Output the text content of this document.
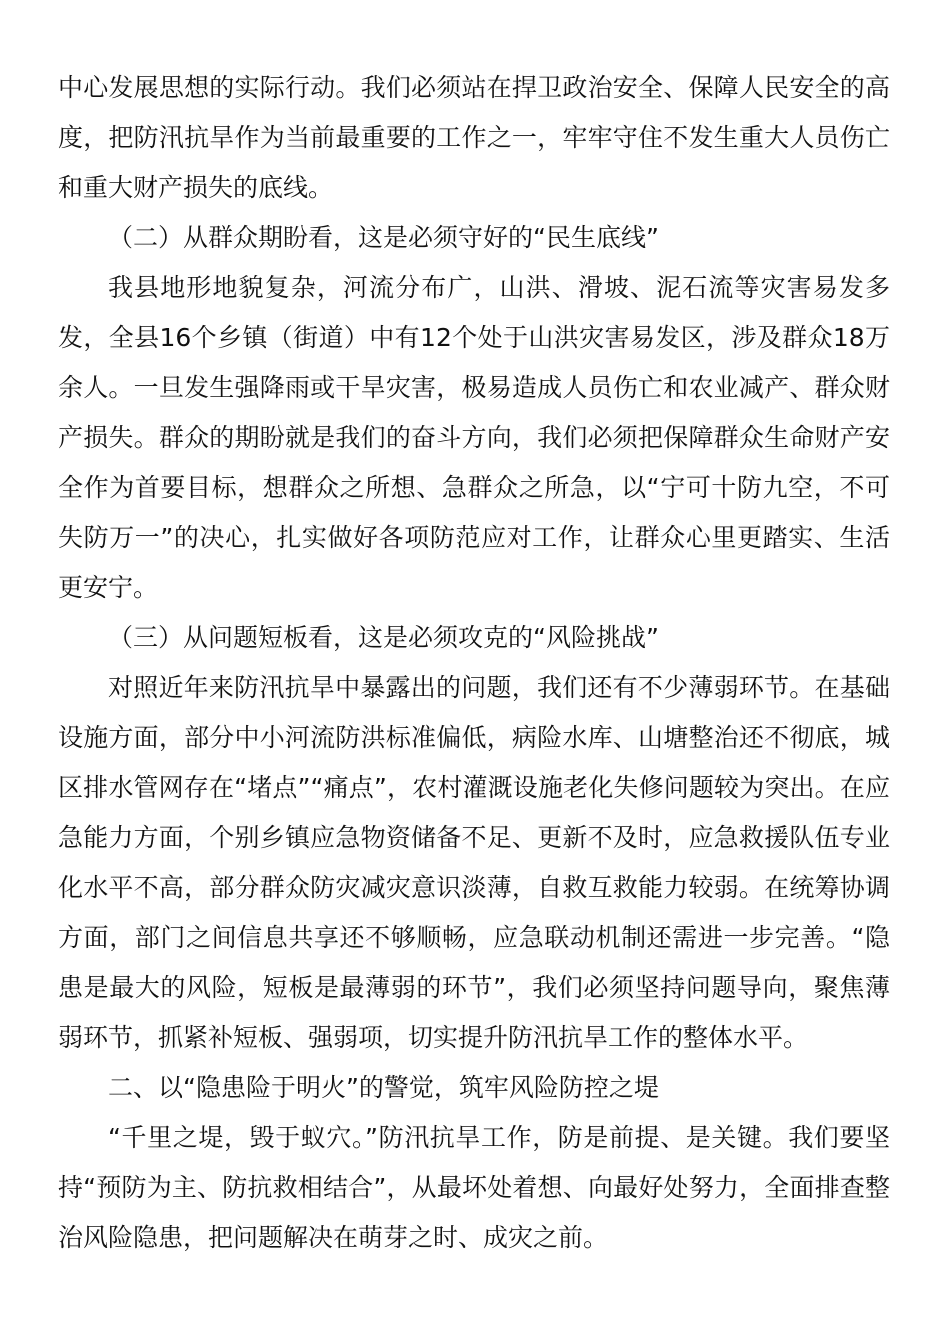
中心发展思想的实际行动。我们必须站在捍卫政治安全、保障人民安全的高度，把防汛抗旱作为当前最重要的工作之一，牢牢守住不发生重大人员伤亡和重大财产损失的底线。

（二）从群众期盼看，这是必须守好的“民生底线”

我县地形地貌复杂，河流分布广，山洪、滑坡、泥石流等灾害易发多发，全县16个乡镇（街道）中有12个处于山洪灾害易发区，涉及群众18万余人。一旦发生强降雨或干旱灾害，极易造成人员伤亡和农业减产、群众财产损失。群众的期盼就是我们的奋斗方向，我们必须把保障群众生命财产安全作为首要目标，想群众之所想、急群众之所急，以“宁可十防九空，不可失防万一”的决心，扎实做好各项防范应对工作，让群众心里更踏实、生活更安宁。

（三）从问题短板看，这是必须攻克的“风险挑战”

对照近年来防汛抗旱中暴露出的问题，我们还有不少薄弱环节。在基础设施方面，部分中小河流防洪标准偏低，病险水库、山塘整治还不彻底，城区排水管网存在“堵点”“痛点”，农村灌溉设施老化失修问题较为突出。在应急能力方面，个别乡镇应急物资储备不足、更新不及时，应急救援队伍专业化水平不高，部分群众防灾减灾意识淡薄，自救互救能力较弱。在统筹协调方面，部门之间信息共享还不够顺畅，应急联动机制还需进一步完善。“隐患是最大的风险，短板是最薄弱的环节”，我们必须坚持问题导向，聚焦薄弱环节，抓紧补短板、强弱项，切实提升防汛抗旱工作的整体水平。

二、以“隐患险于明火”的警觉，筑牢风险防控之堤

“千里之堤，毁于蚁穴。”防汛抗旱工作，防是前提、是关键。我们要坚持“预防为主、防抗救相结合”，从最坏处着想、向最好处努力，全面排查整治风险隐患，把问题解决在萌芽之时、成灾之前。
